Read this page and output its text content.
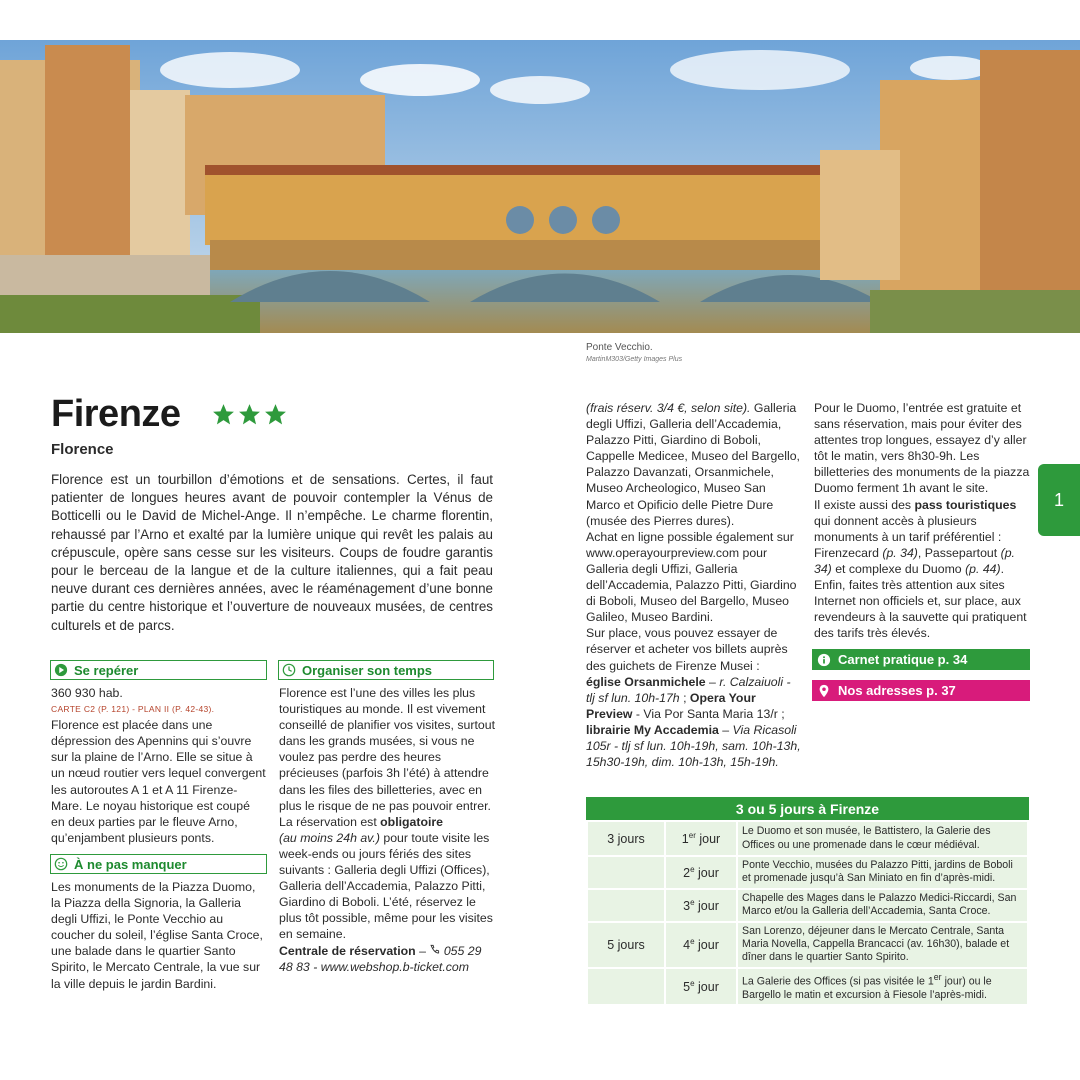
Ponte Vecchio.
MartinM303/Getty Images Plus
Firenze
Florence

Florence est un tourbillon d’émotions et de sensations. Certes, il faut patienter de longues heures avant de pouvoir contempler la Vénus de Botticelli ou le David de Michel-Ange. Il n’empêche. Le charme florentin, rehaussé par l’Arno et exalté par la lumière unique qui revêt les palais au crépuscule, opère sans cesse sur les visiteurs. Coups de foudre garantis pour le berceau de la langue et de la culture italiennes, qui a fait peau neuve durant ces dernières années, avec le réaménagement d’une bonne partie du centre historique et l’ouverture de nouveaux musées, de centres culturels et de parcs.

Se repérer

360 930 hab.

CARTE C2 (P. 121) - PLAN II (P. 42-43).

Florence est placée dans une dépression des Apennins qui s’ouvre sur la plaine de l’Arno. Elle se situe à un nœud routier vers lequel convergent les autoroutes A 1 et A 11 Firenze-Mare. Le noyau historique est coupé en deux parties par le fleuve Arno, qu’enjambent plusieurs ponts.

À ne pas manquer

Les monuments de la Piazza Duomo, la Piazza della Signoria, la Galleria degli Uffizi, le Ponte Vecchio au coucher du soleil, l’église Santa Croce, une balade dans le quartier Santo Spirito, le Mercato Centrale, la vue sur la ville depuis le jardin Bardini.

Organiser son temps

Florence est l’une des villes les plus touristiques au monde. Il est vivement conseillé de planifier vos visites, surtout dans les grands musées, si vous ne voulez pas perdre des heures précieuses (parfois 3h l’été) à attendre dans les files des billetteries, avec en plus le risque de ne pas pouvoir entrer.

La réservation est obligatoire
(au moins 24h av.) pour toute visite les week-ends ou jours fériés des sites suivants : Galleria degli Uffizi (Offices), Galleria dell’Accademia, Palazzo Pitti, Giardino di Boboli. L’été, réservez le plus tôt possible, même pour les visites en semaine.

Centrale de réservation –  055 29 48 83 - www.webshop.b-ticket.com

(frais réserv. 3/4 €, selon site). Galleria degli Uffizi, Galleria dell’Accademia, Palazzo Pitti, Giardino di Boboli, Cappelle Medicee, Museo del Bargello, Palazzo Davanzati, Orsanmichele, Museo Archeologico, Museo San Marco et Opificio delle Pietre Dure (musée des Pierres dures).

Achat en ligne possible également sur www.operayourpreview.com pour Galleria degli Uffizi, Galleria dell’Accademia, Palazzo Pitti, Giardino di Boboli, Museo del Bargello, Museo Galileo, Museo Bardini.

Sur place, vous pouvez essayer de réserver et acheter vos billets auprès des guichets de Firenze Musei :

église Orsanmichele – r. Calzaiuoli - tlj sf lun. 10h-17h ; Opera Your Preview - Via Por Santa Maria 13/r ; librairie My Accademia – Via Ricasoli 105r - tlj sf lun. 10h-19h, sam. 10h-13h, 15h30-19h, dim. 10h-13h, 15h-19h.

Pour le Duomo, l’entrée est gratuite et sans réservation, mais pour éviter des attentes trop longues, essayez d’y aller tôt le matin, vers 8h30-9h. Les billetteries des monuments de la piazza Duomo ferment 1h avant le site.

Il existe aussi des pass touristiques qui donnent accès à plusieurs monuments à un tarif préférentiel : Firenzecard (p. 34), Passepartout (p. 34) et complexe du Duomo (p. 44). Enfin, faites très attention aux sites Internet non officiels et, sur place, aux revendeurs à la sauvette qui pratiquent des tarifs très élevés.

1
Carnet pratique p. 34
Nos adresses p. 37
3 ou 5 jours à Firenze
3 jours	1er jour	Le Duomo et son musée, le Battistero, la Galerie des Offices ou une promenade dans le cœur médiéval.
	2e jour	Ponte Vecchio, musées du Palazzo Pitti, jardins de Boboli et promenade jusqu’à San Miniato en fin d’après-midi.
	3e jour	Chapelle des Mages dans le Palazzo Medici-Riccardi, San Marco et/ou la Galleria dell’Accademia, Santa Croce.
5 jours	4e jour	San Lorenzo, déjeuner dans le Mercato Centrale, Santa Maria Novella, Cappella Brancacci (av. 16h30), balade et dîner dans le quartier Santo Spirito.
	5e jour	La Galerie des Offices (si pas visitée le 1er jour) ou le Bargello le matin et excursion à Fiesole l’après-midi.
